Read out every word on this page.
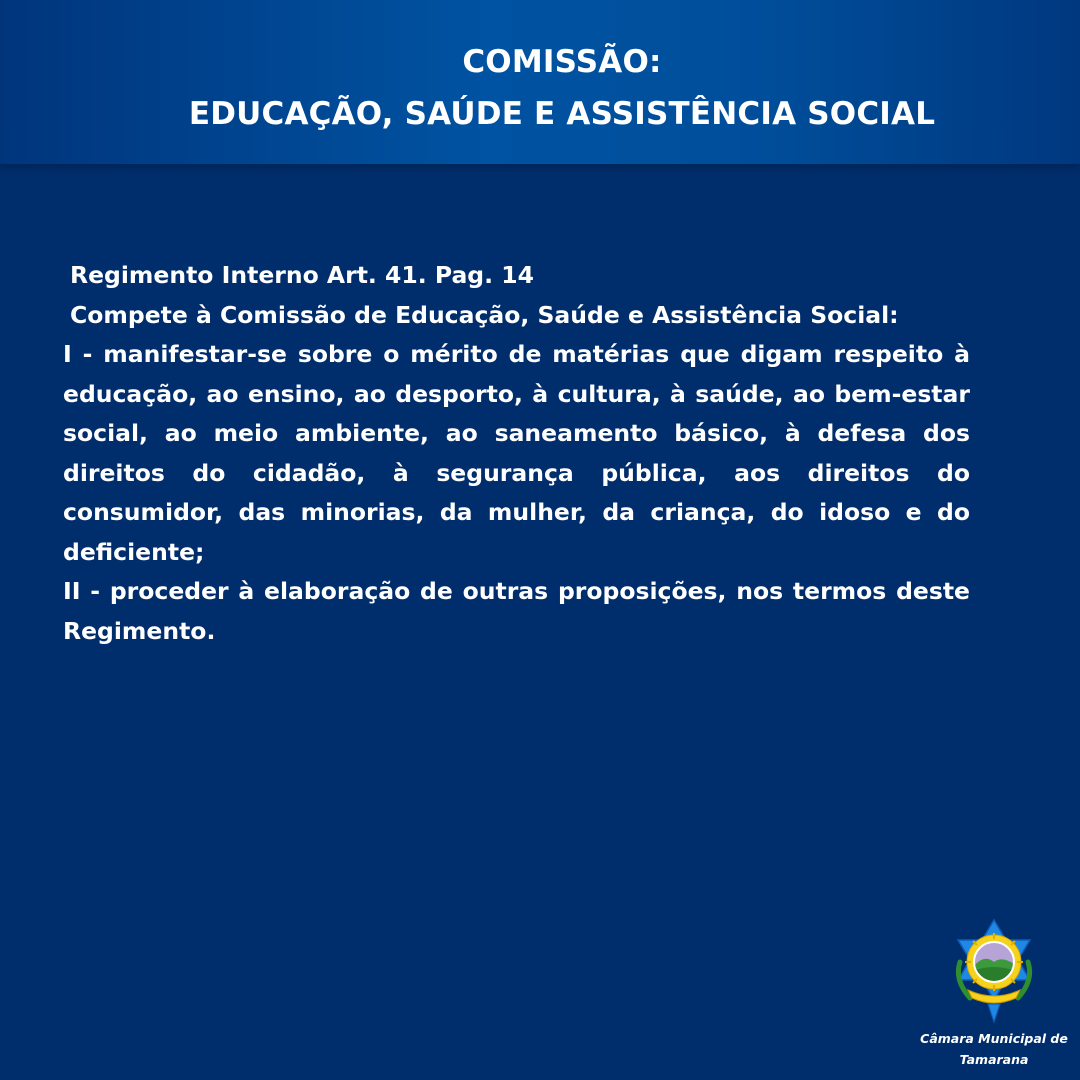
COMISSÃO:
EDUCAÇÃO, SAÚDE E ASSISTÊNCIA SOCIAL

Regimento Interno Art. 41. Pag. 14

Compete à Comissão de Educação, Saúde e Assistência Social:

I - manifestar-se sobre o mérito de matérias que digam respeito à educação, ao ensino, ao desporto, à cultura, à saúde, ao bem-estar social, ao meio ambiente, ao saneamento básico, à defesa dos direitos do cidadão, à segurança pública, aos direitos do consumidor, das minorias, da mulher, da criança, do idoso e do deficiente;

II - proceder à elaboração de outras proposições, nos termos deste Regimento.

Câmara Municipal de
Tamarana
